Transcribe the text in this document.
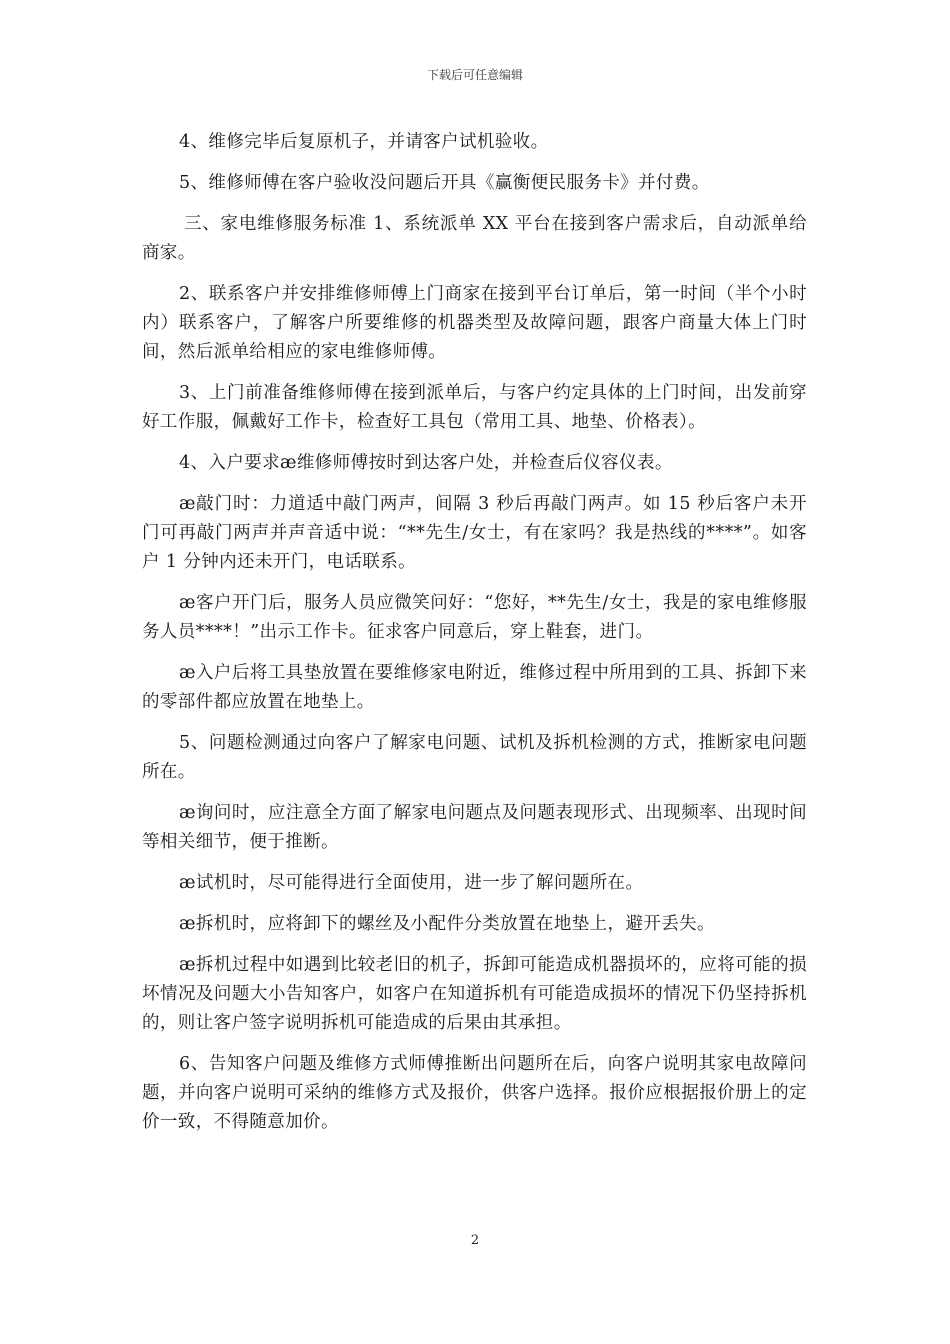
下载后可任意编辑

4、维修完毕后复原机子，并请客户试机验收。

5、维修师傅在客户验收没问题后开具《赢衡便民服务卡》并付费。

三、家电维修服务标准 1、系统派单 XX 平台在接到客户需求后，自动派单给商家。

2、联系客户并安排维修师傅上门商家在接到平台订单后，第一时间（半个小时内）联系客户，了解客户所要维修的机器类型及故障问题，跟客户商量大体上门时间，然后派单给相应的家电维修师傅。

3、上门前准备维修师傅在接到派单后，与客户约定具体的上门时间，出发前穿好工作服，佩戴好工作卡，检查好工具包（常用工具、地垫、价格表）。

4、入户要求æ维修师傅按时到达客户处，并检查后仪容仪表。

æ敲门时：力道适中敲门两声，间隔 3 秒后再敲门两声。如 15 秒后客户未开门可再敲门两声并声音适中说：“**先生/女士，有在家吗？我是热线的****”。如客户 1 分钟内还未开门，电话联系。

æ客户开门后，服务人员应微笑问好：“您好，**先生/女士，我是的家电维修服务人员****！”出示工作卡。征求客户同意后，穿上鞋套，进门。

æ入户后将工具垫放置在要维修家电附近，维修过程中所用到的工具、拆卸下来的零部件都应放置在地垫上。

5、问题检测通过向客户了解家电问题、试机及拆机检测的方式，推断家电问题所在。

æ询问时，应注意全方面了解家电问题点及问题表现形式、出现频率、出现时间等相关细节，便于推断。

æ试机时，尽可能得进行全面使用，进一步了解问题所在。

æ拆机时，应将卸下的螺丝及小配件分类放置在地垫上，避开丢失。

æ拆机过程中如遇到比较老旧的机子，拆卸可能造成机器损坏的，应将可能的损坏情况及问题大小告知客户，如客户在知道拆机有可能造成损坏的情况下仍坚持拆机的，则让客户签字说明拆机可能造成的后果由其承担。

6、告知客户问题及维修方式师傅推断出问题所在后，向客户说明其家电故障问题，并向客户说明可采纳的维修方式及报价，供客户选择。报价应根据报价册上的定价一致，不得随意加价。

2
